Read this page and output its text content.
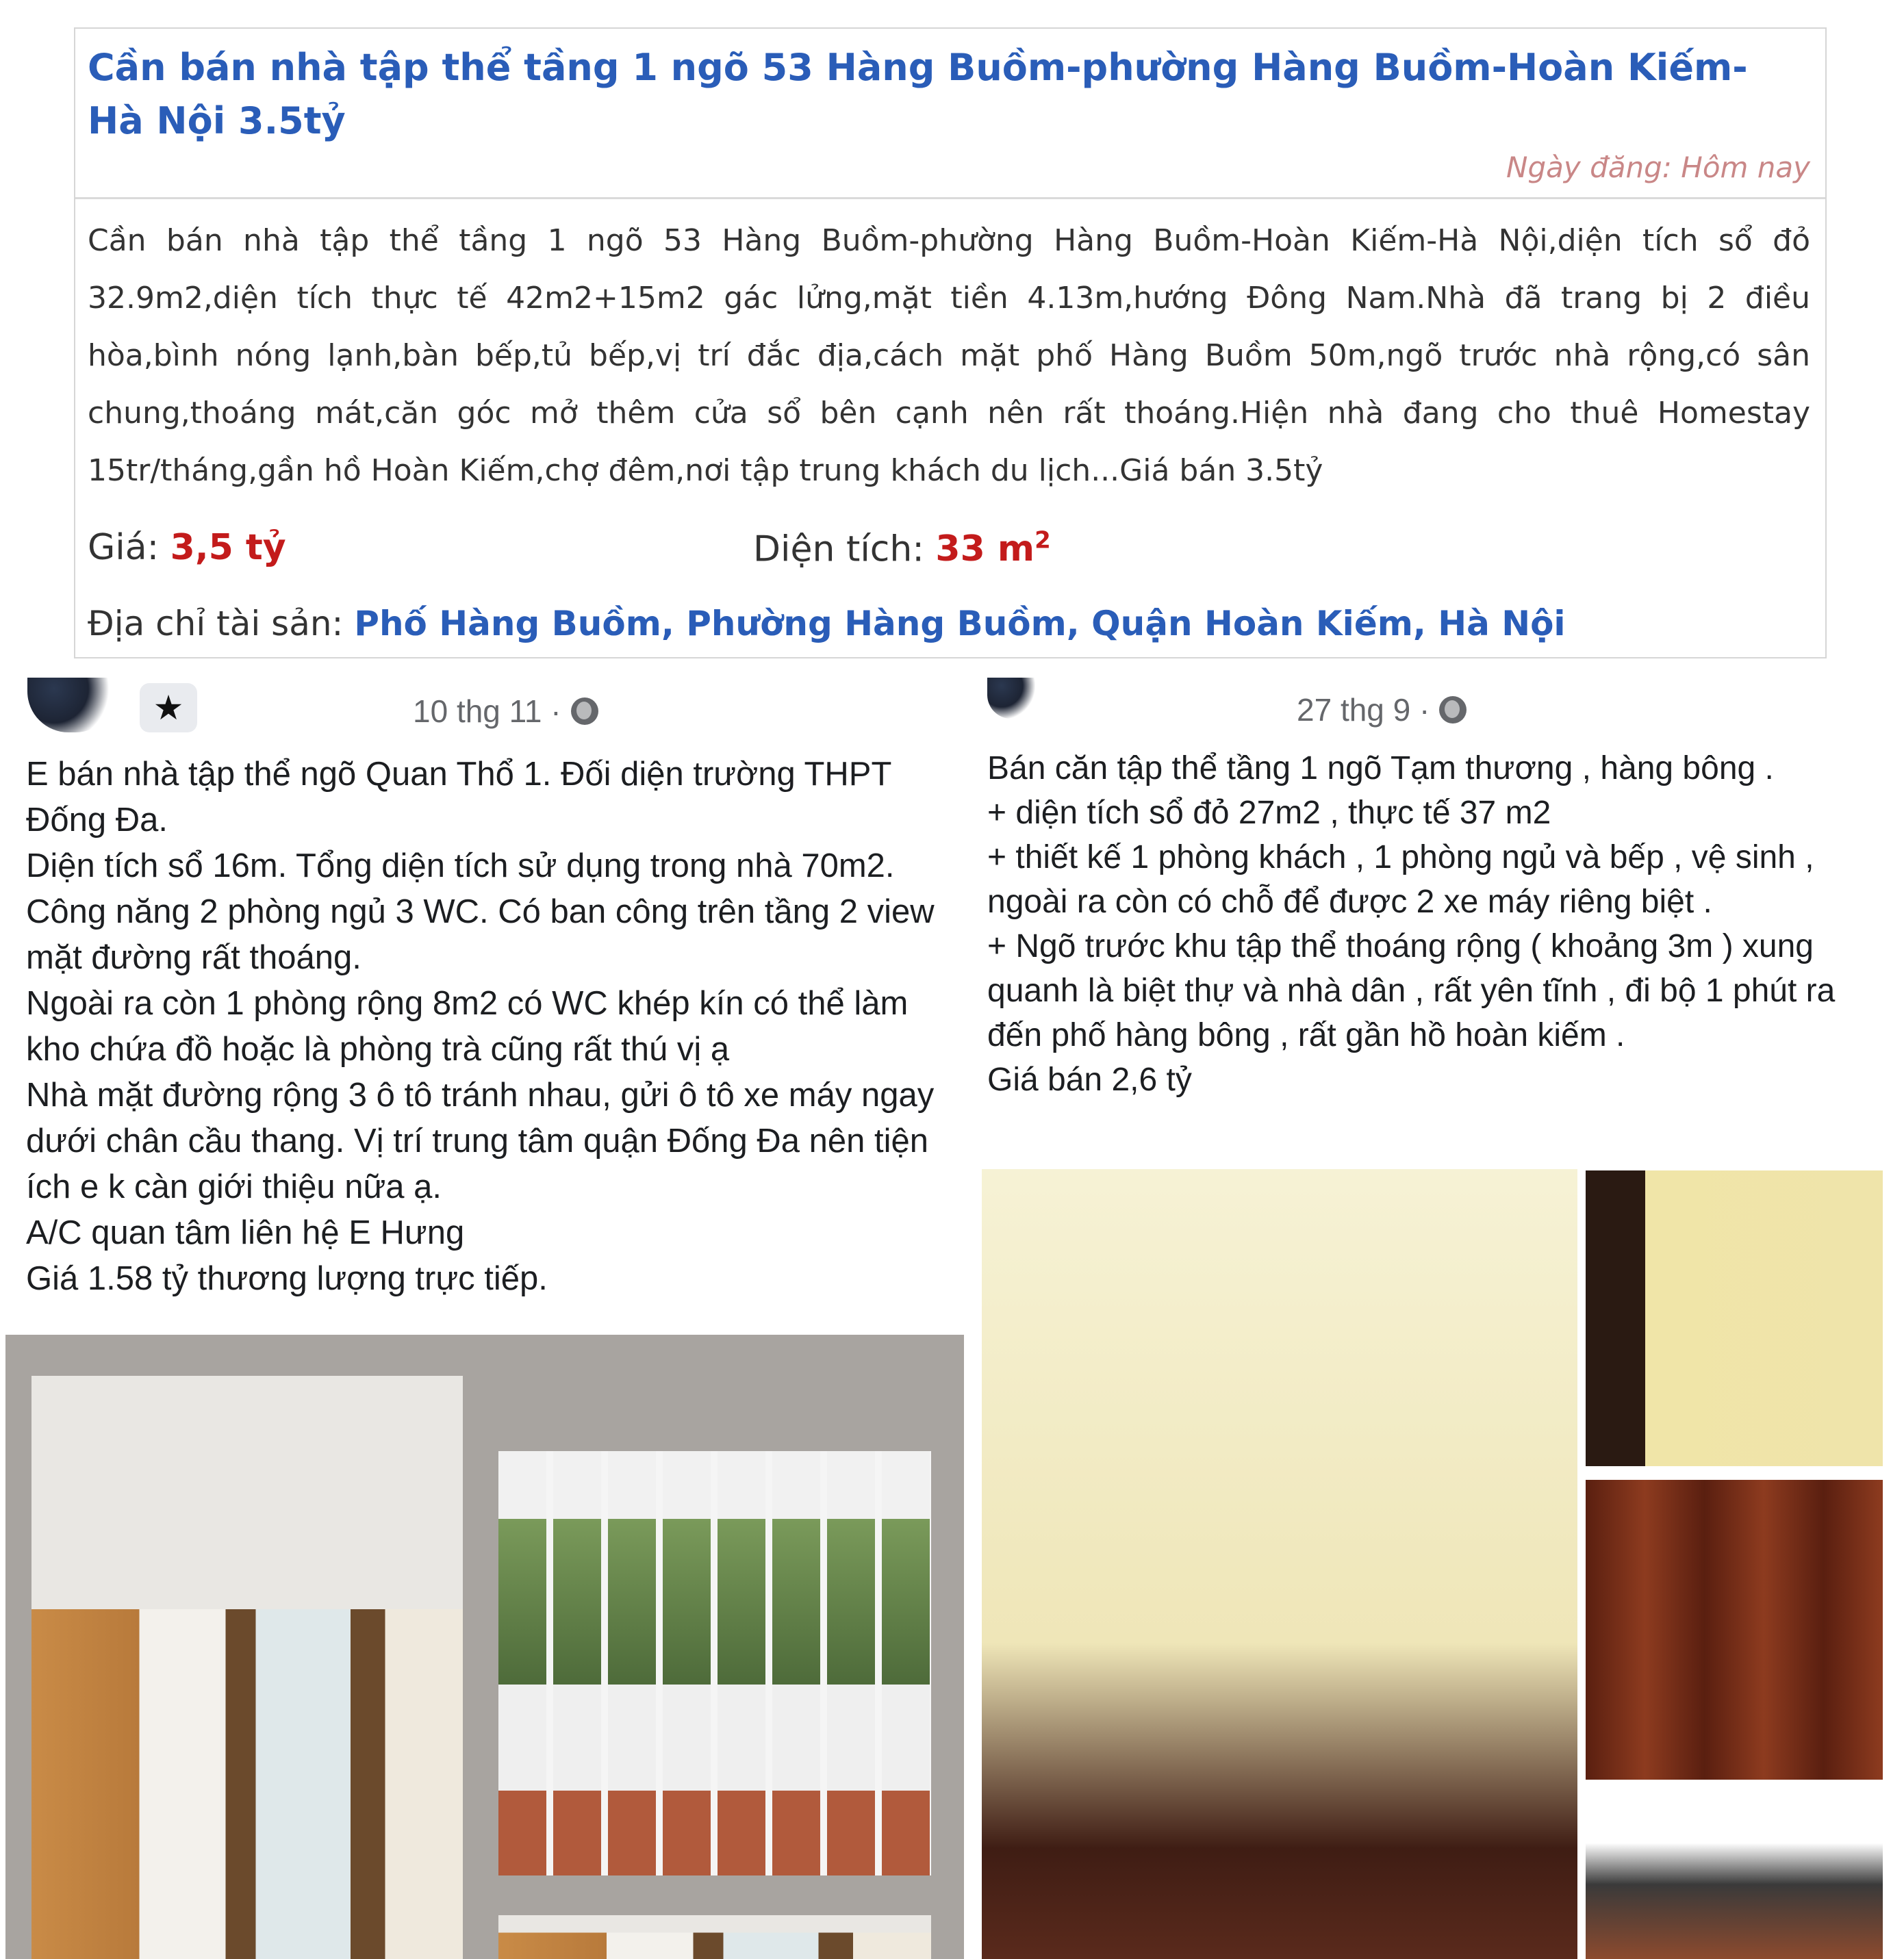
Cần bán nhà tập thể tầng 1 ngõ 53 Hàng Buồm-phường Hàng Buồm-Hoàn Kiếm-Hà Nội 3.5tỷ
Ngày đăng: Hôm nay
Cần bán nhà tập thể tầng 1 ngõ 53 Hàng Buồm-phường Hàng Buồm-Hoàn Kiếm-Hà Nội,diện tích sổ đỏ 32.9m2,diện tích thực tế 42m2+15m2 gác lửng,mặt tiền 4.13m,hướng Đông Nam.Nhà đã trang bị 2 điều hòa,bình nóng lạnh,bàn bếp,tủ bếp,vị trí đắc địa,cách mặt phố Hàng Buồm 50m,ngõ trước nhà rộng,có sân chung,thoáng mát,căn góc mở thêm cửa sổ bên cạnh nên rất thoáng.Hiện nhà đang cho thuê Homestay 15tr/tháng,gần hồ Hoàn Kiếm,chợ đêm,nơi tập trung khách du lịch...Giá bán 3.5tỷ
Giá: 3,5 tỷ	Diện tích: 33 $m^2$
Địa chỉ tài sản: Phố Hàng Buồm, Phường Hàng Buồm, Quận Hoàn Kiếm, Hà Nội
★	10 thg 11 ·

E bán nhà tập thể ngõ Quan Thổ 1. Đối diện trường THPT Đống Đa.

Diện tích sổ 16m. Tổng diện tích sử dụng trong nhà 70m2. Công năng 2 phòng ngủ 3 WC. Có ban công trên tầng 2 view mặt đường rất thoáng.

Ngoài ra còn 1 phòng rộng 8m2 có WC khép kín có thể làm kho chứa đồ hoặc là phòng trà cũng rất thú vị ạ

Nhà mặt đường rộng 3 ô tô tránh nhau, gửi ô tô xe máy ngay dưới chân cầu thang. Vị trí trung tâm quận Đống Đa nên tiện ích e k càn giới thiệu nữa ạ.

A/C quan tâm liên hệ E Hưng

Giá 1.58 tỷ thương lượng trực tiếp.

27 thg 9 ·

Bán căn tập thể tầng 1 ngõ Tạm thương , hàng bông .

+ diện tích sổ đỏ 27m2 , thực tế 37 m2

+ thiết kế 1 phòng khách , 1 phòng ngủ và bếp , vệ sinh , ngoài ra còn có chỗ để được 2 xe máy riêng biệt .

+ Ngõ trước khu tập thể thoáng rộng ( khoảng 3m ) xung quanh là biệt thự và nhà dân , rất yên tĩnh , đi bộ 1 phút ra đến phố hàng bông , rất gần hồ hoàn kiếm .

Giá bán 2,6 tỷ
